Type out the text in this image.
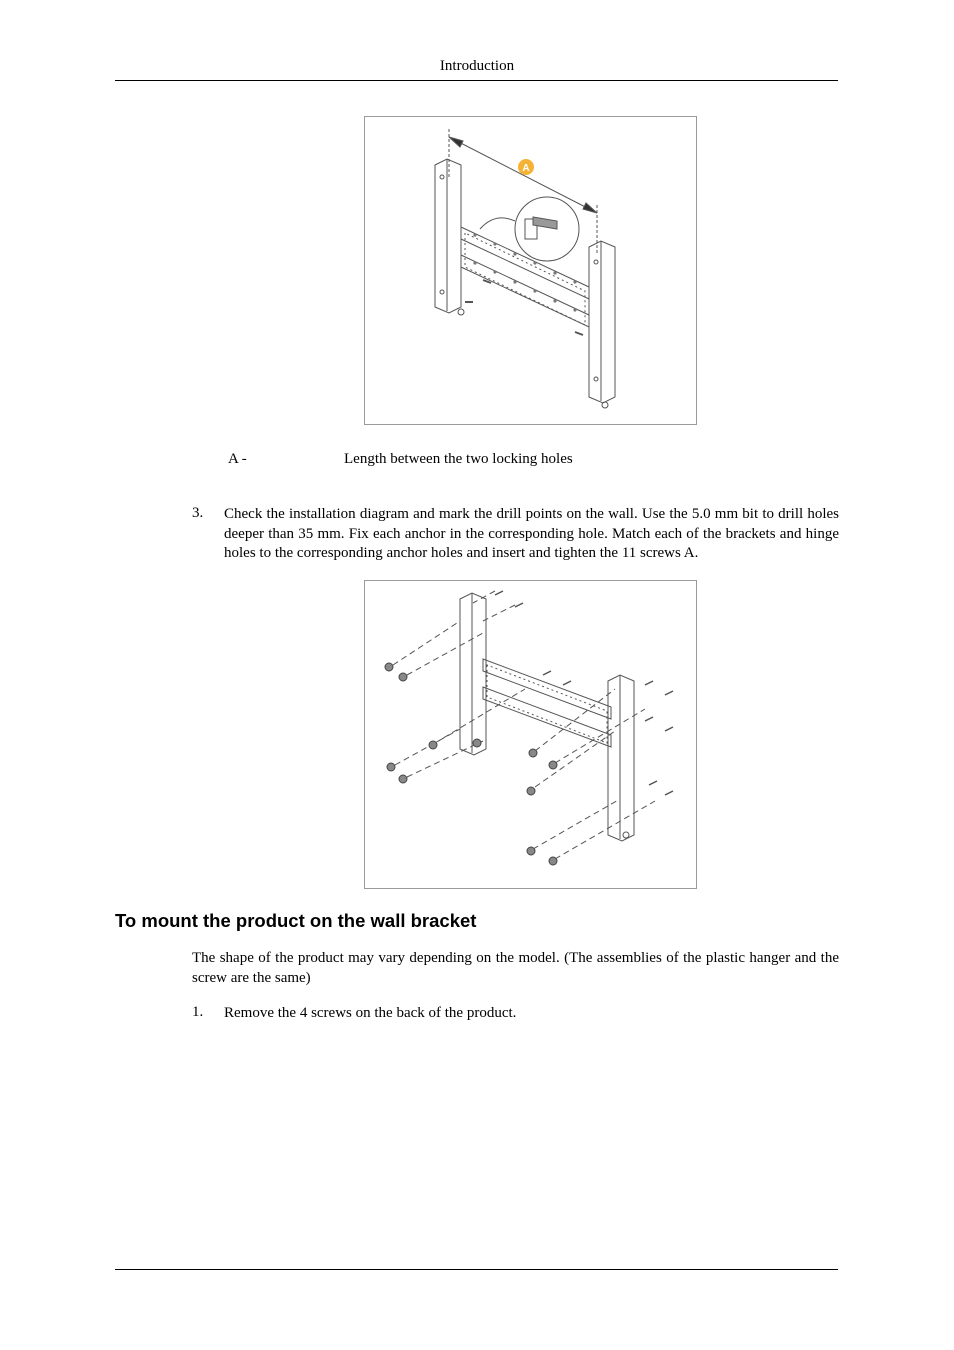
Introduction
A
A -	Length between the two locking holes
3. Check the installation diagram and mark the drill points on the wall. Use the 5.0 mm bit to drill holes deeper than 35 mm. Fix each anchor in the corresponding hole. Match each of the brackets and hinge holes to the corresponding anchor holes and insert and tighten the 11 screws A.
To mount the product on the wall bracket
The shape of the product may vary depending on the model. (The assemblies of the plastic hanger and the screw are the same)
1. Remove the 4 screws on the back of the product.
